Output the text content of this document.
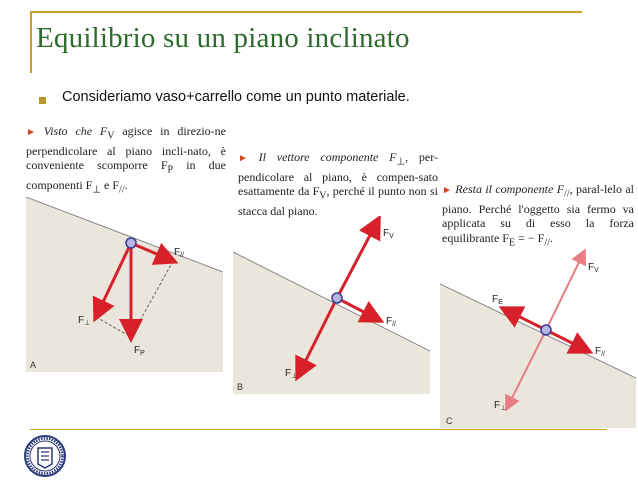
Equilibrio su un piano inclinato
Consideriamo vaso+carrello come un punto materiale.

► Visto che $F_V$ agisce in direzio-ne perpendicolare al piano incli-nato, è conveniente scomporre $F_P$ in due componenti $F_\perp$ e $F_{//}$.

► Il vettore componente $F_\perp$, per-pendicolare al piano, è compen-sato esattamente da $F_V$, perché il punto non si stacca dal piano.

► Resta il componente $F_{//}$, paral-lelo al piano. Perché l'oggetto sia fermo va applicata su di esso la forza equilibrante $F_E$ = − $F_{//}$.

$F_{//}$
$F_\perp$
$F_P$
A
$F_V$
$F_{//}$
$F_\perp$
B
$F_V$
$F_E$
$F_{//}$
$F_\perp$
C
